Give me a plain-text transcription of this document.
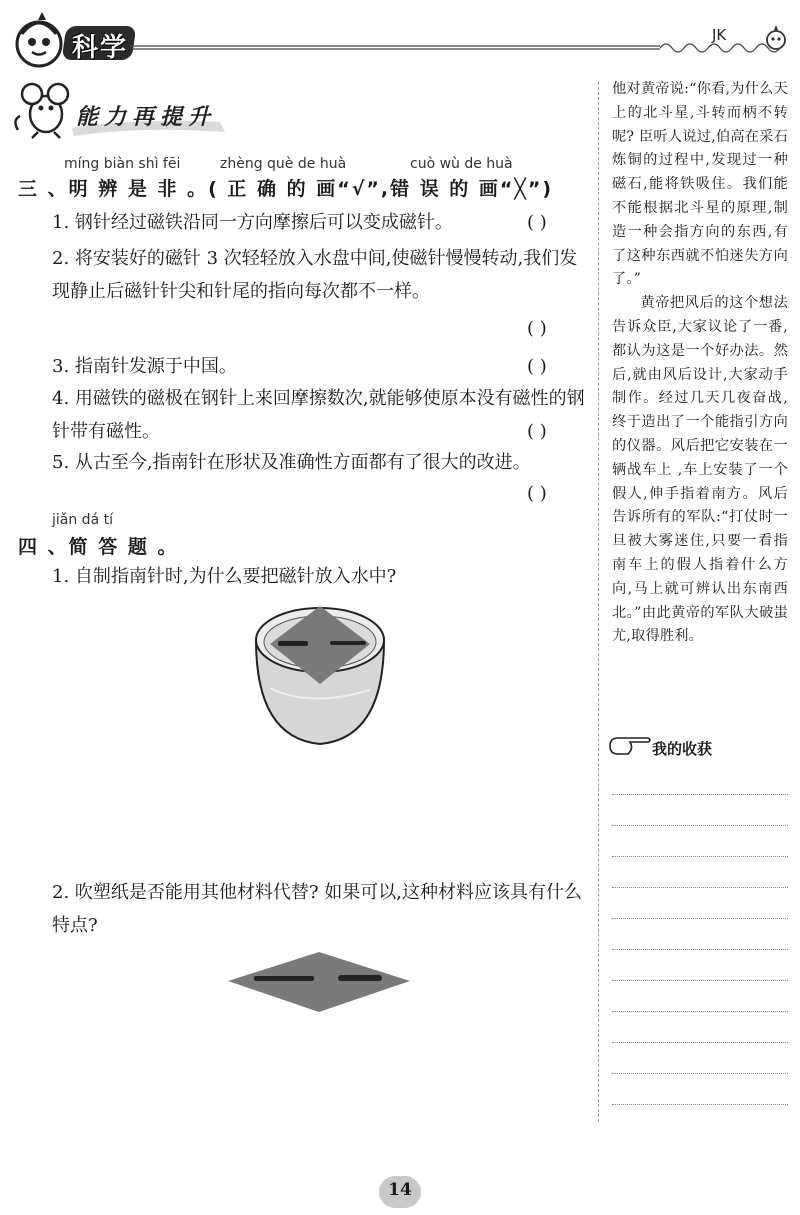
科学	JK
能力再提升
míng biàn shì fēi	zhèng què de huà	cuò wù de huà
三 、明 辨 是 非 。( 正 确 的 画“√”,错 误 的 画“╳”)
1. 钢针经过磁铁沿同一方向摩擦后可以变成磁针。	( )
2. 将安装好的磁针 3 次轻轻放入水盘中间,使磁针慢慢转动,我们发现静止后磁针针尖和针尾的指向每次都不一样。
( )
3. 指南针发源于中国。	( )
4. 用磁铁的磁极在钢针上来回摩擦数次,就能够使原本没有磁性的钢针带有磁性。	( )
5. 从古至今,指南针在形状及准确性方面都有了很大的改进。
( )
jiǎn dá tí
四 、简 答 题 。
1. 自制指南针时,为什么要把磁针放入水中?
2. 吹塑纸是否能用其他材料代替? 如果可以,这种材料应该具有什么特点?

他对黄帝说:“你看,为什么天上的北斗星,斗转而柄不转呢? 臣听人说过,伯高在采石炼铜的过程中,发现过一种磁石,能将铁吸住。我们能不能根据北斗星的原理,制造一种会指方向的东西,有了这种东西就不怕迷失方向了。”

黄帝把风后的这个想法告诉众臣,大家议论了一番,都认为这是一个好办法。然后,就由风后设计,大家动手制作。经过几天几夜奋战,终于造出了一个能指引方向的仪器。风后把它安装在一辆战车上 ,车上安装了一个假人,伸手指着南方。风后告诉所有的军队:“打仗时一旦被大雾迷住,只要一看指南车上的假人指着什么方向,马上就可辨认出东南西北。”由此黄帝的军队大破蚩尤,取得胜利。

我的收获
14
